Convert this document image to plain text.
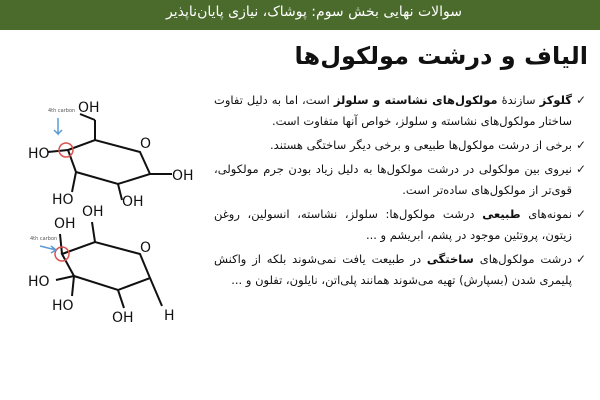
سوالات نهایی بخش سوم: پوشاک، نیازی پایان‌ناپذیر
الیاف و درشت مولکول‌ها
✓
گلوکز سازندهٔ مولکول‌های نشاسته و سلولز است، اما به دلیل تفاوت ساختار مولکول‌های نشاسته و سلولز، خواص آنها متفاوت است.
✓
برخی از درشت مولکول‌ها طبیعی و برخی دیگر ساختگی هستند.
✓
نیروی بین مولکولی در درشت مولکول‌ها به دلیل زیاد بودن جرم مولکولی، قوی‌تر از مولکول‌های ساده‌تر است.
✓
نمونه‌های طبیعی درشت مولکول‌ها: سلولز، نشاسته، انسولین، روغن زیتون، پروتئین موجود در پشم، ابریشم و ...
✓
درشت مولکول‌های ساختگی در طبیعت یافت نمی‌شوند بلکه از واکنش پلیمری شدن (بسپارش) تهیه می‌شوند همانند پلی‌اتن، نایلون، تفلون و ...
4th carbon OH
O
HO
HO	OH
OH
4th carbon
OH
OH
O
HO
HO
OH H
